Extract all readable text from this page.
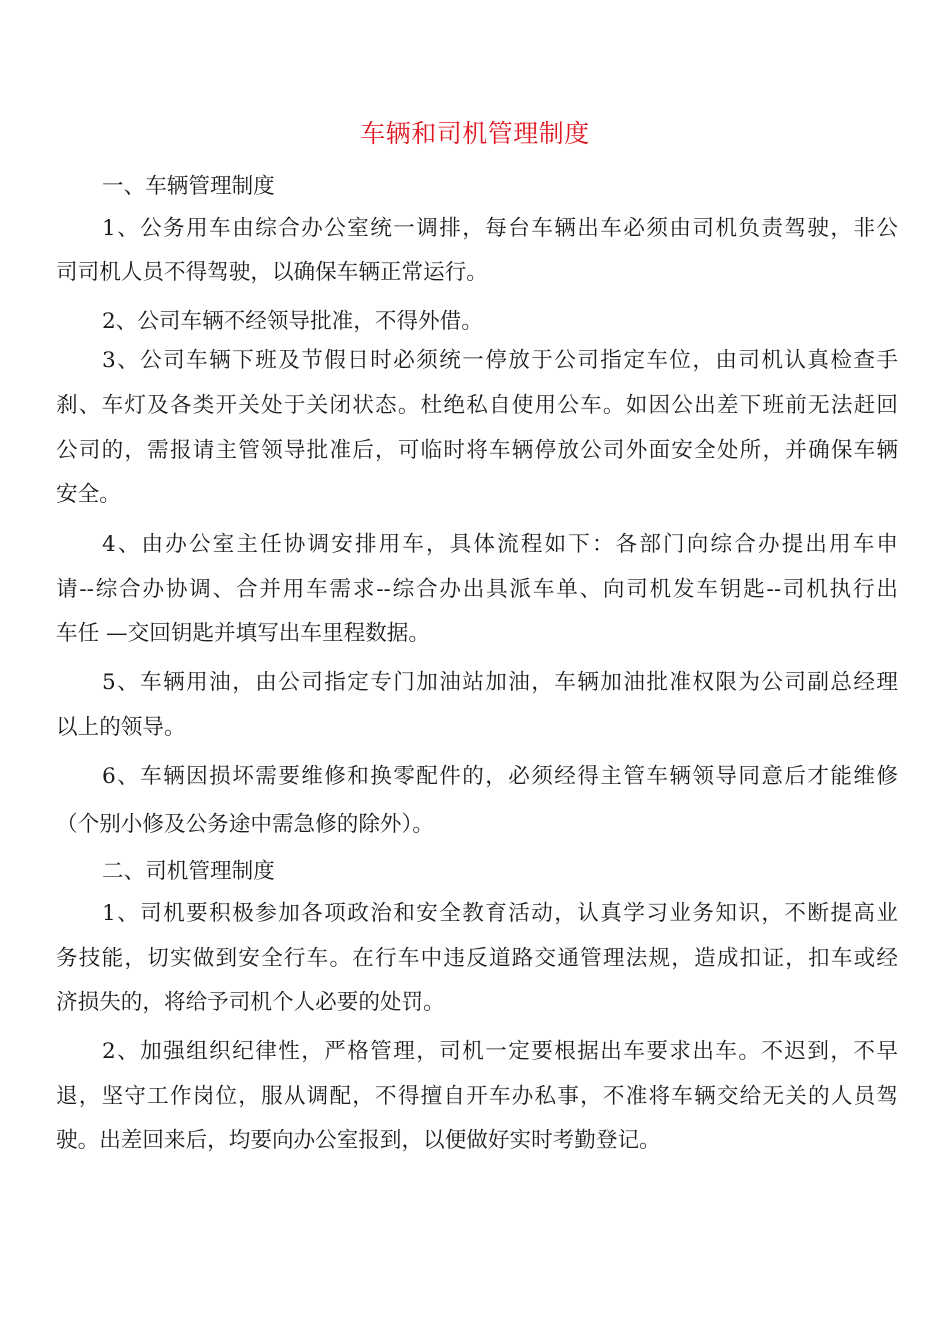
车辆和司机管理制度
一、车辆管理制度
1、公务用车由综合办公室统一调排，每台车辆出车必须由司机负责驾驶，非公
司司机人员不得驾驶，以确保车辆正常运行。
2、公司车辆不经领导批准，不得外借。
3、公司车辆下班及节假日时必须统一停放于公司指定车位，由司机认真检查手
刹、车灯及各类开关处于关闭状态。杜绝私自使用公车。如因公出差下班前无法赶回
公司的，需报请主管领导批准后，可临时将车辆停放公司外面安全处所，并确保车辆
安全。
4、由办公室主任协调安排用车，具体流程如下：各部门向综合办提出用车申
请--综合办协调、合并用车需求--综合办出具派车单、向司机发车钥匙--司机执行出
车任 —交回钥匙并填写出车里程数据。
5、车辆用油，由公司指定专门加油站加油，车辆加油批准权限为公司副总经理
以上的领导。
6、车辆因损坏需要维修和换零配件的，必须经得主管车辆领导同意后才能维修
（个别小修及公务途中需急修的除外）。
二、司机管理制度
1、司机要积极参加各项政治和安全教育活动，认真学习业务知识，不断提高业
务技能，切实做到安全行车。在行车中违反道路交通管理法规，造成扣证，扣车或经
济损失的，将给予司机个人必要的处罚。
2、加强组织纪律性，严格管理，司机一定要根据出车要求出车。不迟到，不早
退，坚守工作岗位，服从调配，不得擅自开车办私事，不准将车辆交给无关的人员驾
驶。出差回来后，均要向办公室报到，以便做好实时考勤登记。
